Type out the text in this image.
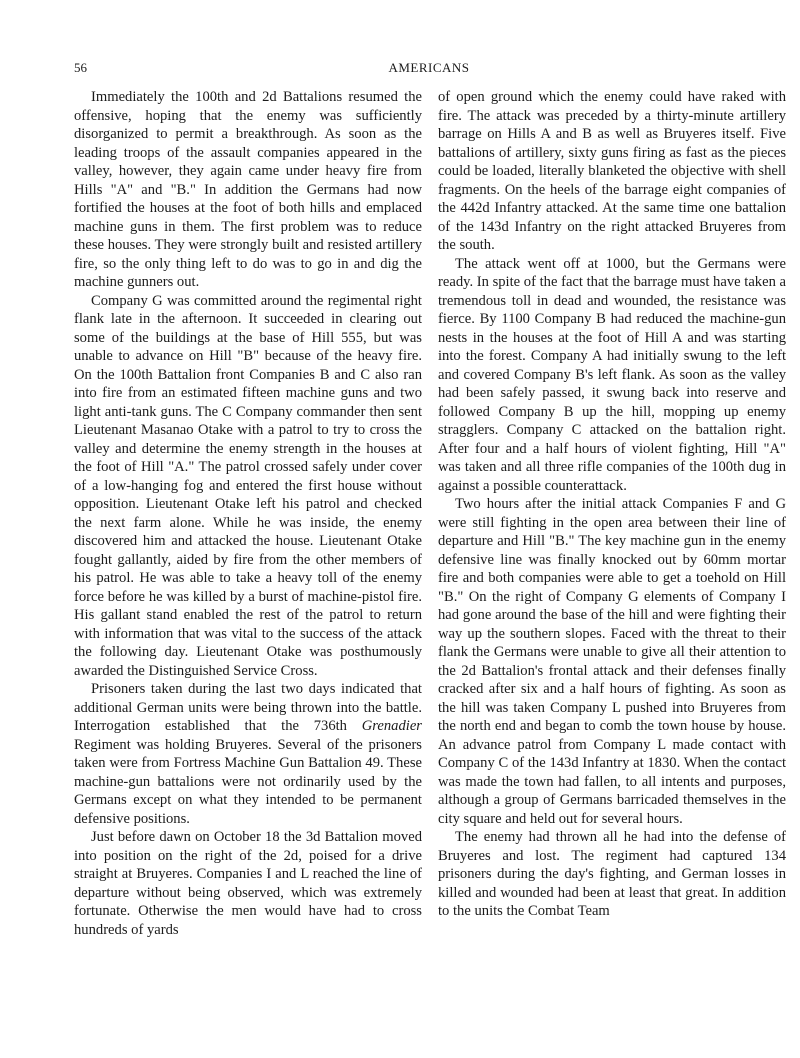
56	AMERICANS

Immediately the 100th and 2d Battalions resumed the offensive, hoping that the enemy was sufficiently disorganized to permit a breakthrough. As soon as the leading troops of the assault companies appeared in the valley, however, they again came under heavy fire from Hills "A" and "B." In addition the Germans had now fortified the houses at the foot of both hills and emplaced machine guns in them. The first problem was to reduce these houses. They were strongly built and resisted artillery fire, so the only thing left to do was to go in and dig the machine gunners out.

Company G was committed around the regimental right flank late in the afternoon. It succeeded in clearing out some of the buildings at the base of Hill 555, but was unable to advance on Hill "B" because of the heavy fire. On the 100th Battalion front Companies B and C also ran into fire from an estimated fifteen machine guns and two light anti-tank guns. The C Company commander then sent Lieutenant Masanao Otake with a patrol to try to cross the valley and determine the enemy strength in the houses at the foot of Hill "A." The patrol crossed safely under cover of a low-hanging fog and entered the first house without opposition. Lieutenant Otake left his patrol and checked the next farm alone. While he was inside, the enemy discovered him and attacked the house. Lieutenant Otake fought gallantly, aided by fire from the other members of his patrol. He was able to take a heavy toll of the enemy force before he was killed by a burst of machine-pistol fire. His gallant stand enabled the rest of the patrol to return with information that was vital to the success of the attack the following day. Lieutenant Otake was posthumously awarded the Distinguished Service Cross.

Prisoners taken during the last two days indicated that additional German units were being thrown into the battle. Interrogation established that the 736th Grenadier Regiment was holding Bruyeres. Several of the prisoners taken were from Fortress Machine Gun Battalion 49. These machine-gun battalions were not ordinarily used by the Germans except on what they intended to be permanent defensive positions.

Just before dawn on October 18 the 3d Battalion moved into position on the right of the 2d, poised for a drive straight at Bruyeres. Companies I and L reached the line of departure without being observed, which was extremely fortunate. Otherwise the men would have had to cross hundreds of yards

of open ground which the enemy could have raked with fire. The attack was preceded by a thirty-minute artillery barrage on Hills A and B as well as Bruyeres itself. Five battalions of artillery, sixty guns firing as fast as the pieces could be loaded, literally blanketed the objective with shell fragments. On the heels of the barrage eight companies of the 442d Infantry attacked. At the same time one battalion of the 143d Infantry on the right attacked Bruyeres from the south.

The attack went off at 1000, but the Germans were ready. In spite of the fact that the barrage must have taken a tremendous toll in dead and wounded, the resistance was fierce. By 1100 Company B had reduced the machine-gun nests in the houses at the foot of Hill A and was starting into the forest. Company A had initially swung to the left and covered Company B's left flank. As soon as the valley had been safely passed, it swung back into reserve and followed Company B up the hill, mopping up enemy stragglers. Company C attacked on the battalion right. After four and a half hours of violent fighting, Hill "A" was taken and all three rifle companies of the 100th dug in against a possible counterattack.

Two hours after the initial attack Companies F and G were still fighting in the open area between their line of departure and Hill "B." The key machine gun in the enemy defensive line was finally knocked out by 60mm mortar fire and both companies were able to get a toehold on Hill "B." On the right of Company G elements of Company I had gone around the base of the hill and were fighting their way up the southern slopes. Faced with the threat to their flank the Germans were unable to give all their attention to the 2d Battalion's frontal attack and their defenses finally cracked after six and a half hours of fighting. As soon as the hill was taken Company L pushed into Bruyeres from the north end and began to comb the town house by house. An advance patrol from Company L made contact with Company C of the 143d Infantry at 1830. When the contact was made the town had fallen, to all intents and purposes, although a group of Germans barricaded themselves in the city square and held out for several hours.

The enemy had thrown all he had into the defense of Bruyeres and lost. The regiment had captured 134 prisoners during the day's fighting, and German losses in killed and wounded had been at least that great. In addition to the units the Combat Team
